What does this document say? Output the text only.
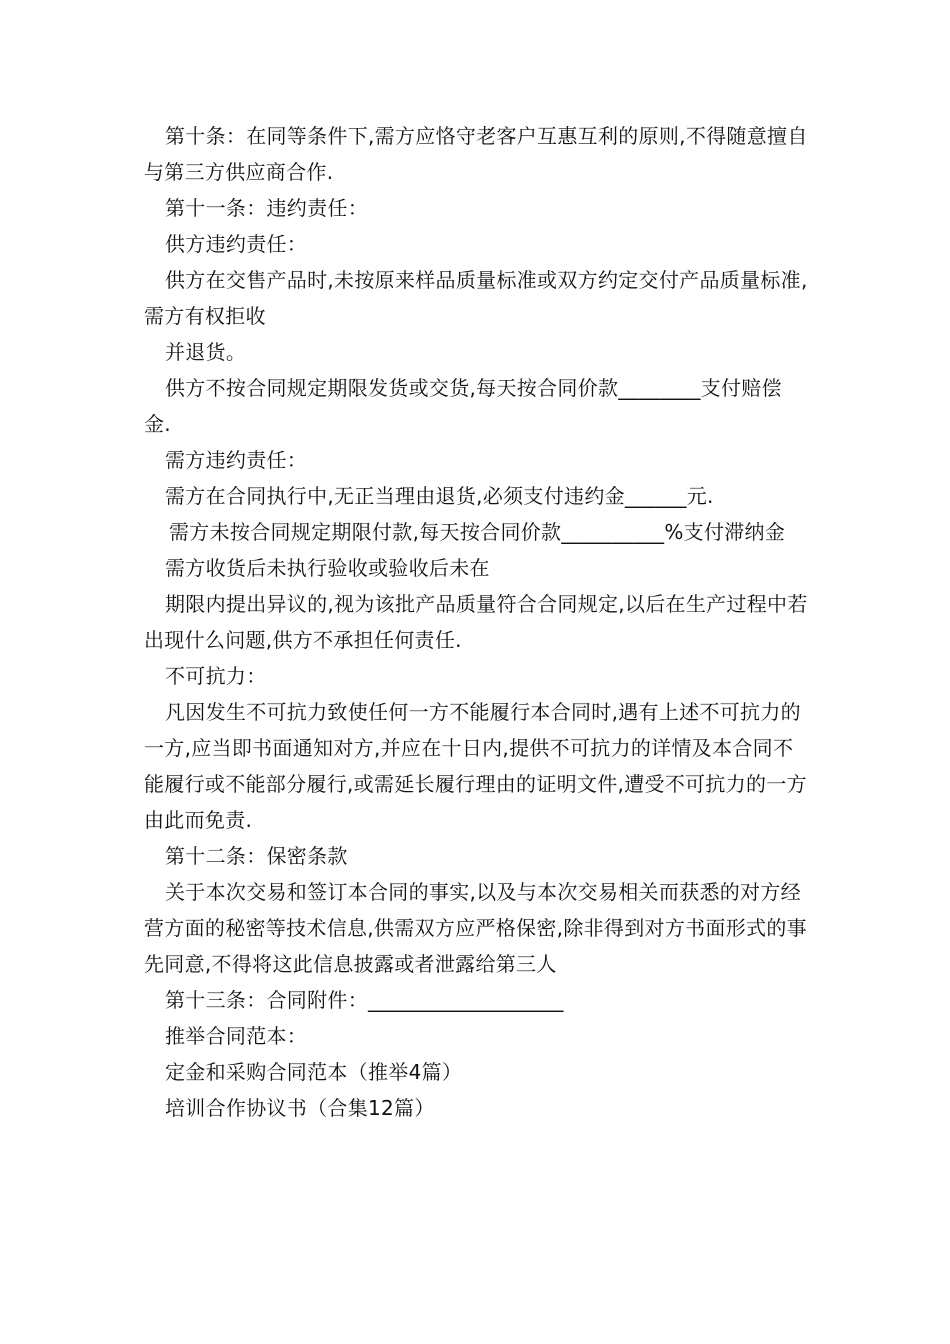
第十条：在同等条件下,需方应恪守老客户互惠互利的原则,不得随意擅自与第三方供应商合作.

第十一条：违约责任：

供方违约责任：

供方在交售产品时,未按原来样品质量标准或双方约定交付产品质量标准,需方有权拒收

并退货。

供方不按合同规定期限发货或交货,每天按合同价款________支付赔偿金.

需方违约责任：

需方在合同执行中,无正当理由退货,必须支付违约金______元.

需方未按合同规定期限付款,每天按合同价款__________%支付滞纳金

需方收货后未执行验收或验收后未在

期限内提出异议的,视为该批产品质量符合合同规定,以后在生产过程中若出现什么问题,供方不承担任何责任.

不可抗力：

凡因发生不可抗力致使任何一方不能履行本合同时,遇有上述不可抗力的一方,应当即书面通知对方,并应在十日内,提供不可抗力的详情及本合同不能履行或不能部分履行,或需延长履行理由的证明文件,遭受不可抗力的一方由此而免责.

第十二条：保密条款

关于本次交易和签订本合同的事实,以及与本次交易相关而获悉的对方经营方面的秘密等技术信息,供需双方应严格保密,除非得到对方书面形式的事先同意,不得将这此信息披露或者泄露给第三人

第十三条：合同附件：___________________

推举合同范本：

定金和采购合同范本（推举4篇）

培训合作协议书（合集12篇）
